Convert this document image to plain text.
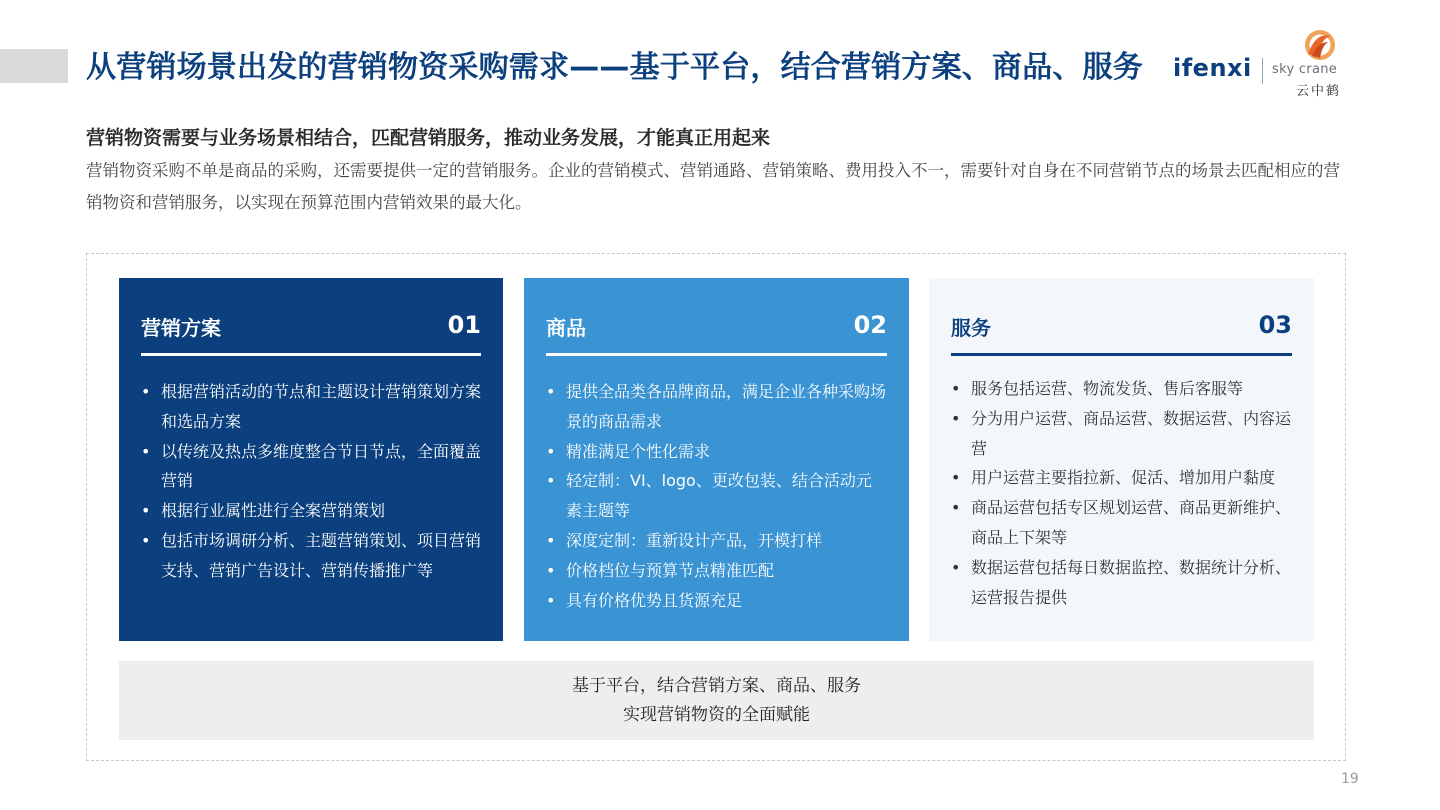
从营销场景出发的营销物资采购需求——基于平台，结合营销方案、商品、服务 ifenxi sky crane
云中鹤
营销物资需要与业务场景相结合，匹配营销服务，推动业务发展，才能真正用起来
营销物资采购不单是商品的采购，还需要提供一定的营销服务。企业的营销模式、营销通路、营销策略、费用投入不一，需要针对自身在不同营销节点的场景去匹配相应的营销物资和营销服务，以实现在预算范围内营销效果的最大化。
营销方案	01
• 根据营销活动的节点和主题设计营销策划方案和选品方案
• 以传统及热点多维度整合节日节点，全面覆盖营销
• 根据行业属性进行全案营销策划
• 包括市场调研分析、主题营销策划、项目营销支持、营销广告设计、营销传播推广等
商品	02
• 提供全品类各品牌商品，满足企业各种采购场景的商品需求
• 精准满足个性化需求
• 轻定制：VI、logo、更改包装、结合活动元素主题等
• 深度定制：重新设计产品，开模打样
• 价格档位与预算节点精准匹配
• 具有价格优势且货源充足
服务	03
• 服务包括运营、物流发货、售后客服等
• 分为用户运营、商品运营、数据运营、内容运营
• 用户运营主要指拉新、促活、增加用户黏度
• 商品运营包括专区规划运营、商品更新维护、商品上下架等
• 数据运营包括每日数据监控、数据统计分析、运营报告提供
基于平台，结合营销方案、商品、服务
实现营销物资的全面赋能
19
